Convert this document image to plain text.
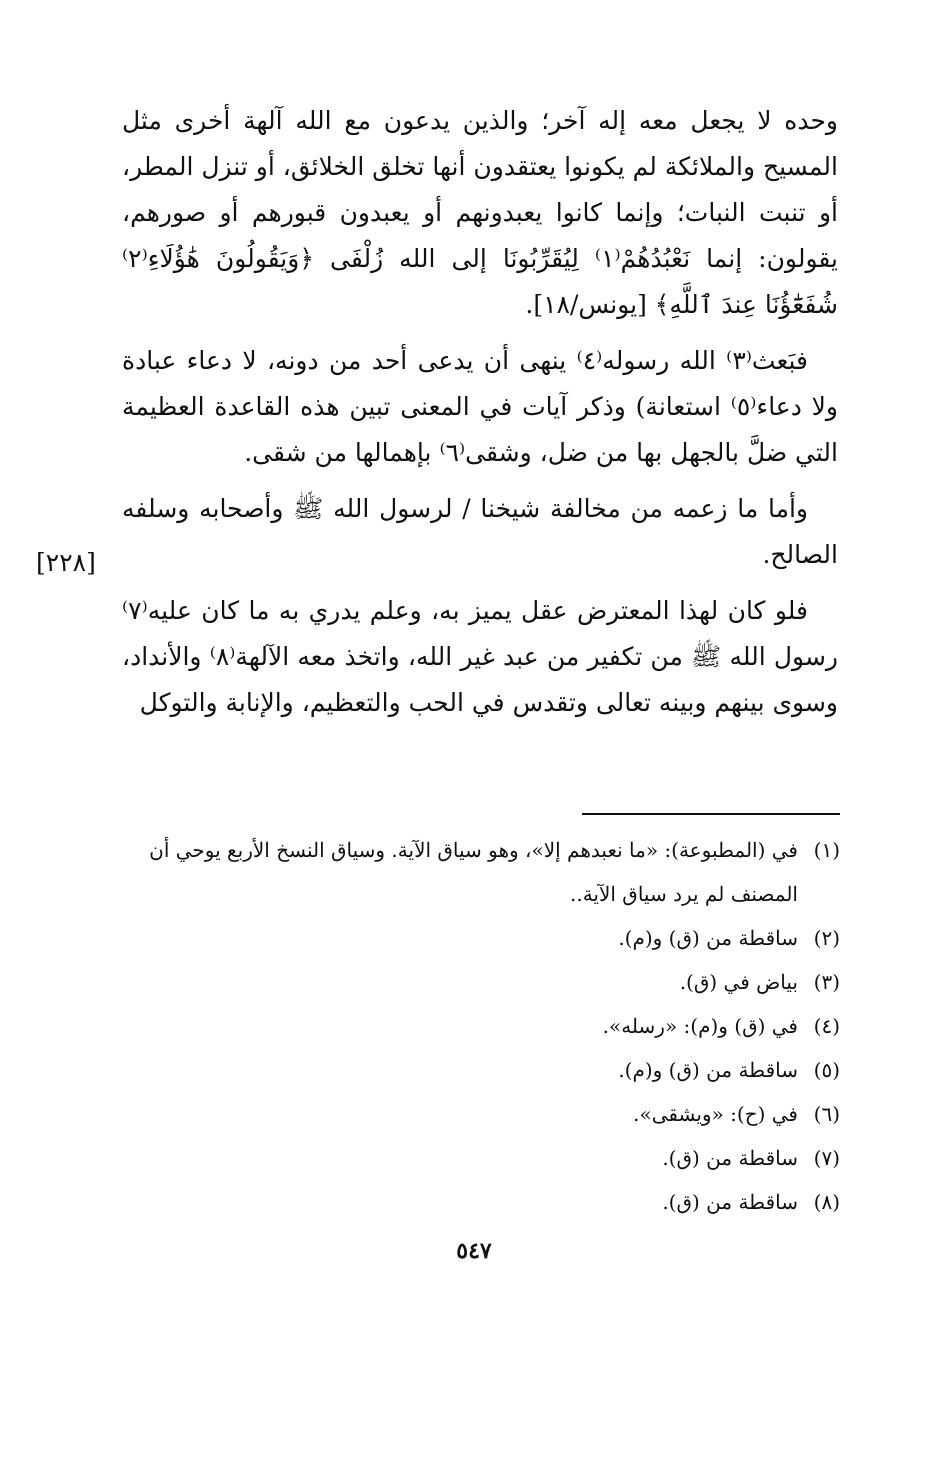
وحده لا يجعل معه إله آخر؛ والذين يدعون مع الله آلهة أخرى مثل المسيح والملائكة لم يكونوا يعتقدون أنها تخلق الخلائق، أو تنزل المطر، أو تنبت النبات؛ وإنما كانوا يعبدونهم أو يعبدون قبورهم أو صورهم، يقولون: إنما نَعْبُدُهُمْ⁽١⁾ لِيُقَرِّبُونَا إلى الله زُلْفَى ﴿وَيَقُولُونَ هَٰؤُلَاءِ⁽٢⁾ شُفَعَٰٓؤُنَا عِندَ ٱللَّهِ﴾ [يونس/١٨].

فبَعث⁽٣⁾ الله رسوله⁽٤⁾ ينهى أن يدعى أحد من دونه، لا دعاء عبادة ولا دعاء⁽٥⁾ استعانة) وذكر آيات في المعنى تبين هذه القاعدة العظيمة التي ضلَّ بالجهل بها من ضل، وشقى⁽٦⁾ بإهمالها من شقى.

وأما ما زعمه من مخالفة شيخنا / لرسول الله ﷺ وأصحابه وسلفه الصالح.

فلو كان لهذا المعترض عقل يميز به، وعلم يدري به ما كان عليه⁽٧⁾ رسول الله ﷺ من تكفير من عبد غير الله، واتخذ معه الآلهة⁽٨⁾ والأنداد، وسوى بينهم وبينه تعالى وتقدس في الحب والتعظيم، والإنابة والتوكل

[٢٢٨]
(١)
في (المطبوعة): «ما نعبدهم إلا»، وهو سياق الآية. وسياق النسخ الأربع يوحي أن المصنف لم يرد سياق الآية..
(٢)
ساقطة من (ق) و(م).
(٣)
بياض في (ق).
(٤)
في (ق) و(م): «رسله».
(٥)
ساقطة من (ق) و(م).
(٦)
في (ح): «ويشقى».
(٧)
ساقطة من (ق).
(٨)
ساقطة من (ق).
٥٤٧
